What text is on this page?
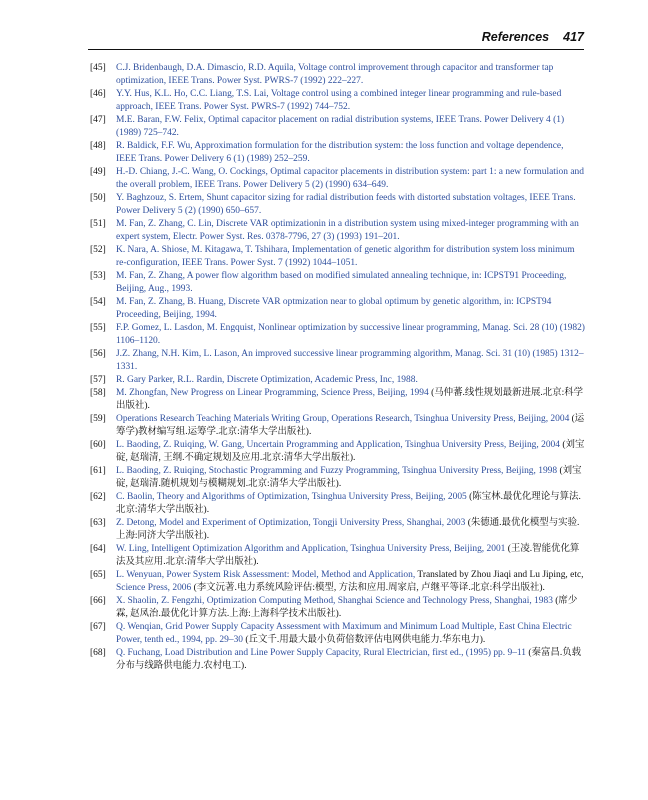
References 417
[45] C.J. Bridenbaugh, D.A. Dimascio, R.D. Aquila, Voltage control improvement through capacitor and transformer tap optimization, IEEE Trans. Power Syst. PWRS-7 (1992) 222–227.
[46] Y.Y. Hus, K.L. Ho, C.C. Liang, T.S. Lai, Voltage control using a combined integer linear programming and rule-based approach, IEEE Trans. Power Syst. PWRS-7 (1992) 744–752.
[47] M.E. Baran, F.W. Felix, Optimal capacitor placement on radial distribution systems, IEEE Trans. Power Delivery 4 (1) (1989) 725–742.
[48] R. Baldick, F.F. Wu, Approximation formulation for the distribution system: the loss function and voltage dependence, IEEE Trans. Power Delivery 6 (1) (1989) 252–259.
[49] H.-D. Chiang, J.-C. Wang, O. Cockings, Optimal capacitor placements in distribution system: part 1: a new formulation and the overall problem, IEEE Trans. Power Delivery 5 (2) (1990) 634–649.
[50] Y. Baghzouz, S. Ertem, Shunt capacitor sizing for radial distribution feeds with distorted substation voltages, IEEE Trans. Power Delivery 5 (2) (1990) 650–657.
[51] M. Fan, Z. Zhang, C. Lin, Discrete VAR optimizationin in a distribution system using mixed-integer programming with an expert system, Electr. Power Syst. Res. 0378-7796, 27 (3) (1993) 191–201.
[52] K. Nara, A. Shiose, M. Kitagawa, T. Tshihara, Implementation of genetic algorithm for distribution system loss minimum re-configuration, IEEE Trans. Power Syst. 7 (1992) 1044–1051.
[53] M. Fan, Z. Zhang, A power flow algorithm based on modified simulated annealing technique, in: ICPST91 Proceeding, Beijing, Aug., 1993.
[54] M. Fan, Z. Zhang, B. Huang, Discrete VAR optmization near to global optimum by genetic algorithm, in: ICPST94 Proceeding, Beijing, 1994.
[55] F.P. Gomez, L. Lasdon, M. Engquist, Nonlinear optimization by successive linear programming, Manag. Sci. 28 (10) (1982) 1106–1120.
[56] J.Z. Zhang, N.H. Kim, L. Lason, An improved successive linear programming algorithm, Manag. Sci. 31 (10) (1985) 1312–1331.
[57] R. Gary Parker, R.L. Rardin, Discrete Optimization, Academic Press, Inc, 1988.
[58] M. Zhongfan, New Progress on Linear Programming, Science Press, Beijing, 1994 (马仲蕃.线性规划最新进展.北京:科学出版社).
[59] Operations Research Teaching Materials Writing Group, Operations Research, Tsinghua University Press, Beijing, 2004 (运筹学)教材编写组.运筹学.北京:清华大学出版社).
[60] L. Baoding, Z. Ruiqing, W. Gang, Uncertain Programming and Application, Tsinghua University Press, Beijing, 2004 (刘宝碇, 赵瑞清, 王纲.不确定规划及应用.北京:清华大学出版社).
[61] L. Baoding, Z. Ruiqing, Stochastic Programming and Fuzzy Programming, Tsinghua University Press, Beijing, 1998 (刘宝碇, 赵瑞清.随机规划与模糊规划.北京:清华大学出版社).
[62] C. Baolin, Theory and Algorithms of Optimization, Tsinghua University Press, Beijing, 2005 (陈宝林.最优化理论与算法.北京:清华大学出版社).
[63] Z. Detong, Model and Experiment of Optimization, Tongji University Press, Shanghai, 2003 (朱德通.最优化模型与实验.上海:同济大学出版社).
[64] W. Ling, Intelligent Optimization Algorithm and Application, Tsinghua University Press, Beijing, 2001 (王凌.智能优化算法及其应用.北京:清华大学出版社).
[65] L. Wenyuan, Power System Risk Assessment: Model, Method and Application, Translated by Zhou Jiaqi and Lu Jiping, etc, Science Press, 2006 (李文沅著.电力系统风险评估:模型, 方法和应用.周家启, 卢继平等译.北京:科学出版社).
[66] X. Shaolin, Z. Fengzhi, Optimization Computing Method, Shanghai Science and Technology Press, Shanghai, 1983 (席少霖, 赵凤治.最优化计算方法.上海:上海科学技术出版社).
[67] Q. Wenqian, Grid Power Supply Capacity Assessment with Maximum and Minimum Load Multiple, East China Electric Power, tenth ed., 1994, pp. 29–30 (丘文千.用最大最小负荷倍数评估电网供电能力.华东电力).
[68] Q. Fuchang, Load Distribution and Line Power Supply Capacity, Rural Electrician, first ed., (1995) pp. 9–11 (秦富昌.负载分布与线路供电能力.农村电工).
